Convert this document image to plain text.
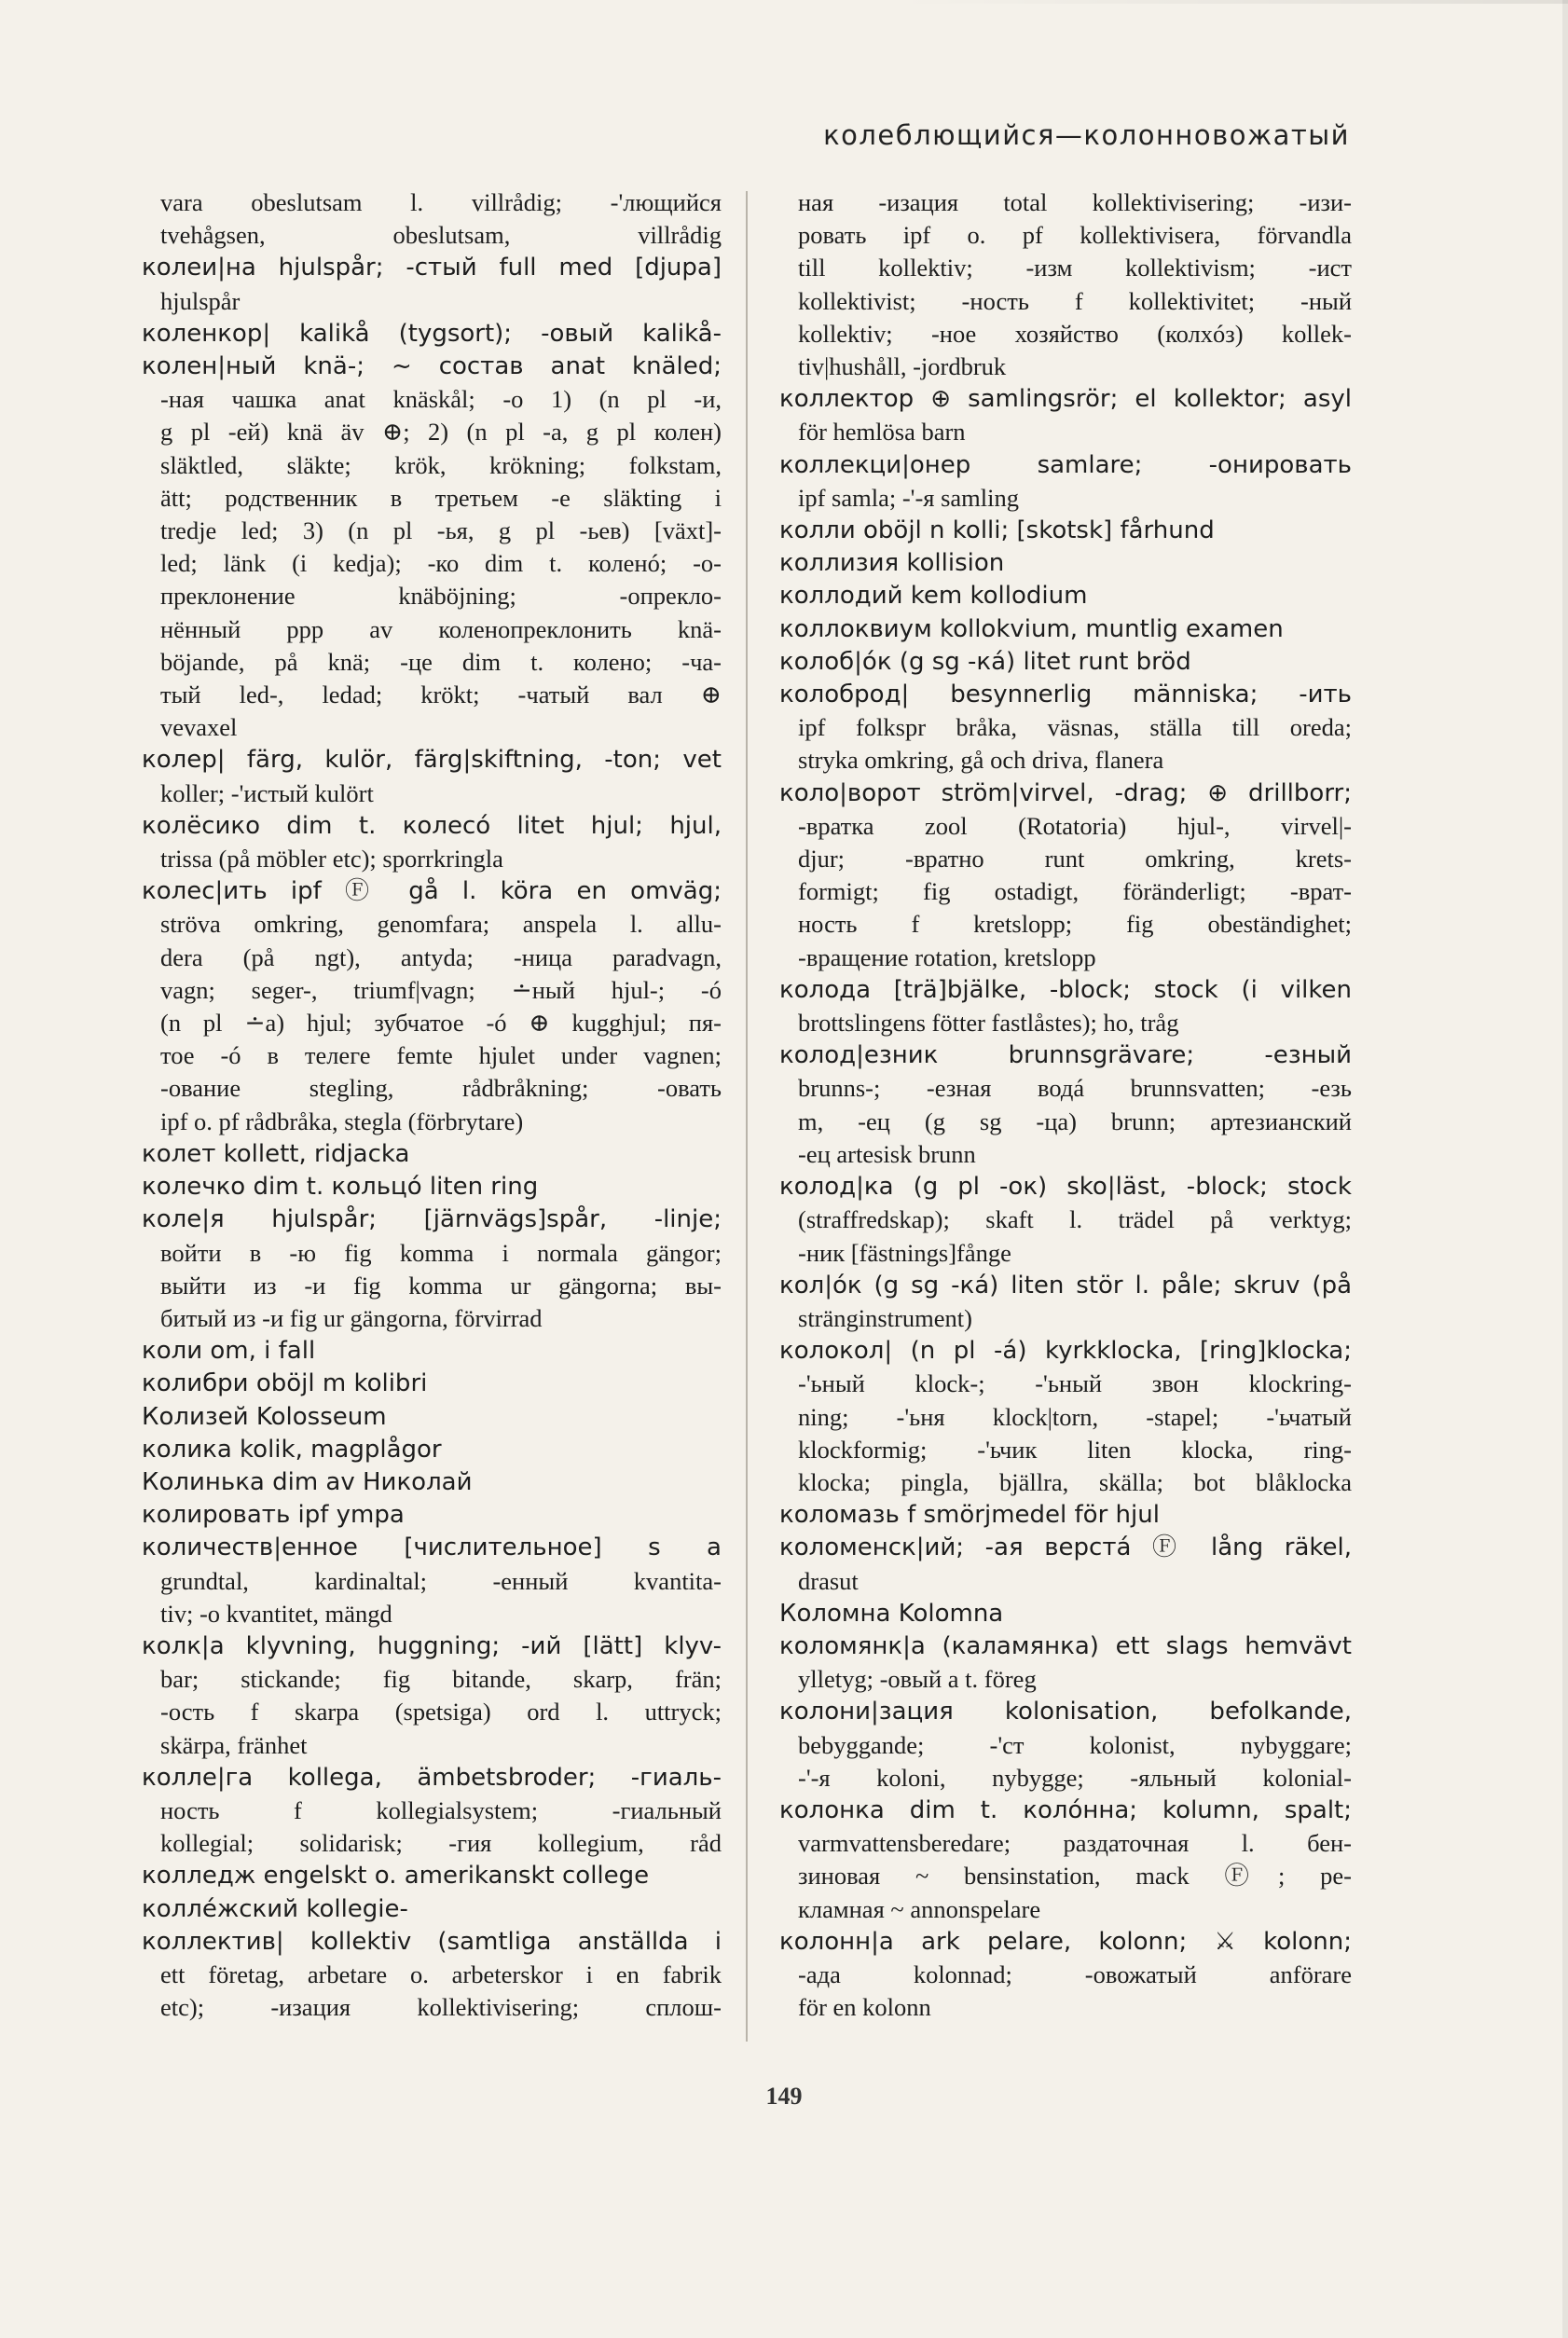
колеблющийся—колонновожатый
vara obeslutsam l. villrådig; -'лющийся
tvehågsen, obeslutsam, villrådig
колеи|на hjulspår; -стый full med [djupa]
hjulspår
коленкор| kalikå (tygsort); -овый kalikå-
колен|ный knä-; ~ состав anat knäled;
-ная чашка anat knäskål; -о 1) (n pl -и,
g pl -ей) knä äv ⊕; 2) (n pl -а, g pl колен)
släktled, släkte; krök, krökning; folkstam,
ätt; родственник в третьем -е släkting i
tredje led; 3) (n pl -ья, g pl -ьев) [växt]-
led; länk (i kedja); -ко dim t. коленó; -о-
преклонение knäböjning; -опрекло-
нённый ppp av коленопреклонить knä-
böjande, på knä; -це dim t. колено; -ча-
тый led-, ledad; krökt; -чатый вал ⊕
vevaxel
колер| färg, kulör, färg|skiftning, -ton; vet
koller; -'истый kulört
колёсико dim t. колесó litet hjul; hjul,
trissa (på möbler etc); sporrkringla
колес|ить ipf Ⓕ gå l. köra en omväg;
ströva omkring, genomfara; anspela l. allu-
dera (på ngt), antyda; -ница paradvagn,
vagn; seger-, triumf|vagn; ∸ный hjul-; -ó
(n pl ∸а) hjul; зубчатое -ó ⊕ kugghjul; пя-
тое -ó в телеге femte hjulet under vagnen;
-ование stegling, rådbråkning; -овать
ipf o. pf rådbråka, stegla (förbrytare)
колет kollett, ridjacka
колечко dim t. кольцó liten ring
коле|я hjulspår; [järnvägs]spår, -linje;
войти в -ю fig komma i normala gängor;
выйти из -и fig komma ur gängorna; вы-
битый из -и fig ur gängorna, förvirrad
коли om, i fall
колибри oböjl m kolibri
Колизей Kolosseum
колика kolik, magplågor
Колинька dim av Николай
колировать ipf ympa
количеств|енное [числительное] s a
grundtal, kardinaltal; -енный kvantita-
tiv; -о kvantitet, mängd
колк|а klyvning, huggning; -ий [lätt] klyv-
bar; stickande; fig bitande, skarp, frän;
-ость f skarpa (spetsiga) ord l. uttryck;
skärpa, fränhet
колле|га kollega, ämbetsbroder; -гиаль-
ность f kollegialsystem; -гиальный
kollegial; solidarisk; -гия kollegium, råd
колледж engelskt o. amerikanskt college
колле́жский kollegie-
коллектив| kollektiv (samtliga anställda i
ett företag, arbetare o. arbeterskor i en fabrik
etc); -изация kollektivisering; сплош-
ная -изация total kollektivisering; -изи-
ровать ipf o. pf kollektivisera, förvandla
till kollektiv; -изм kollektivism; -ист
kollektivist; -ность f kollektivitet; -ный
kollektiv; -ное хозяйство (колхóз) kollek-
tiv|hushåll, -jordbruk
коллектор ⊕ samlingsrör; el kollektor; asyl
för hemlösa barn
коллекци|онер samlare; -онировать
ipf samla; -'-я samling
колли oböjl n kolli; [skotsk] fårhund
коллизия kollision
коллодий kem kollodium
коллоквиум kollokvium, muntlig examen
колоб|óк (g sg -кá) litet runt bröd
колоброд| besynnerlig människa; -ить
ipf folkspr bråka, väsnas, ställa till oreda;
stryka omkring, gå och driva, flanera
коло|ворот ström|virvel, -drag; ⊕ drillborr;
-вратка zool (Rotatoria) hjul-, virvel|-
djur; -вратно runt omkring, krets-
formigt; fig ostadigt, föränderligt; -врат-
ность f kretslopp; fig obeständighet;
-вращение rotation, kretslopp
колода [trä]bjälke, -block; stock (i vilken
brottslingens fötter fastlåstes); ho, tråg
колод|езник brunnsgrävare; -езный
brunns-; -езная водá brunnsvatten; -езь
m, -ец (g sg -ца) brunn; артезианский
-ец artesisk brunn
колод|ка (g pl -ок) sko|läst, -block; stock
(straffredskap); skaft l. trädel på verktyg;
-ник [fästnings]fånge
кол|óк (g sg -кá) liten stör l. påle; skruv (på
stränginstrument)
колокол| (n pl -á) kyrkklocka, [ring]klocka;
-'ьный klock-; -'ьный звон klockring-
ning; -'ьня klock|torn, -stapel; -'ьчатый
klockformig; -'ьчик liten klocka, ring-
klocka; pingla, bjällra, skälla; bot blåklocka
коломазь f smörjmedel för hjul
коломенск|ий; -ая верстá Ⓕ lång räkel,
drasut
Коломна Kolomna
коломянк|а (каламянка) ett slags hemvävt
ylletyg; -овый a t. föreg
колони|зация kolonisation, befolkande,
bebyggande; -'ст kolonist, nybyggare;
-'-я koloni, nybygge; -яльный kolonial-
колонка dim t. колóнна; kolumn, spalt;
varmvattensberedare; раздаточная l. бен-
зиновая ~ bensinstation, mack Ⓕ; ре-
кламная ~ annonspelare
колонн|а ark pelare, kolonn; ⚔ kolonn;
-ада kolonnad; -овожатый anförare
för en kolonn
149
